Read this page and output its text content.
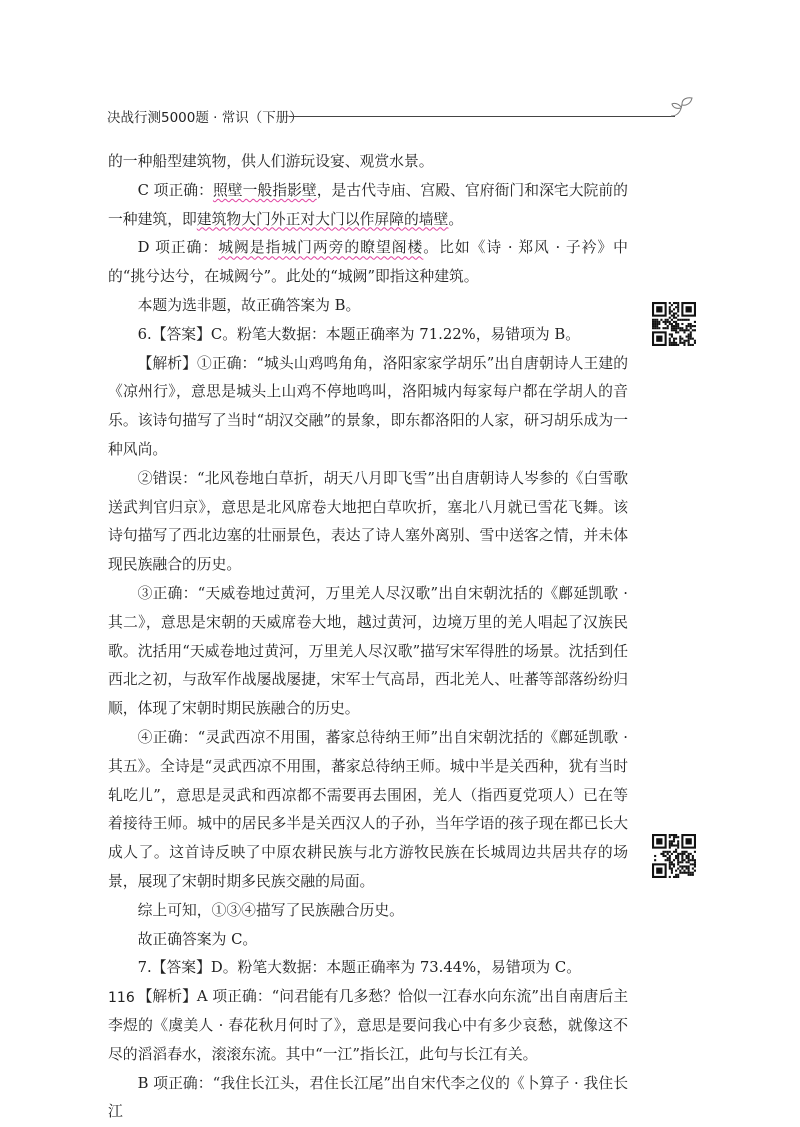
决战行测5000题 · 常识（下册）

的一种船型建筑物，供人们游玩设宴、观赏水景。

C 项正确：照壁一般指影壁，是古代寺庙、宫殿、官府衙门和深宅大院前的一种建筑，即建筑物大门外正对大门以作屏障的墙壁。

D 项正确：城阙是指城门两旁的瞭望阁楼。比如《诗 · 郑风 · 子衿》中的“挑兮达兮，在城阙兮”。此处的“城阙”即指这种建筑。

本题为选非题，故正确答案为 B。

6.【答案】C。粉笔大数据：本题正确率为 71.22%，易错项为 B。

【解析】①正确：“城头山鸡鸣角角，洛阳家家学胡乐”出自唐朝诗人王建的《凉州行》，意思是城头上山鸡不停地鸣叫，洛阳城内每家每户都在学胡人的音乐。该诗句描写了当时“胡汉交融”的景象，即东都洛阳的人家，研习胡乐成为一种风尚。

②错误：“北风卷地白草折，胡天八月即飞雪”出自唐朝诗人岑参的《白雪歌送武判官归京》，意思是北风席卷大地把白草吹折，塞北八月就已雪花飞舞。该诗句描写了西北边塞的壮丽景色，表达了诗人塞外离别、雪中送客之情，并未体现民族融合的历史。

③正确：“天威卷地过黄河，万里羌人尽汉歌”出自宋朝沈括的《鄜延凯歌 · 其二》，意思是宋朝的天威席卷大地，越过黄河，边境万里的羌人唱起了汉族民歌。沈括用“天威卷地过黄河，万里羌人尽汉歌”描写宋军得胜的场景。沈括到任西北之初，与敌军作战屡战屡捷，宋军士气高昂，西北羌人、吐蕃等部落纷纷归顺，体现了宋朝时期民族融合的历史。

④正确：“灵武西凉不用围，蕃家总待纳王师”出自宋朝沈括的《鄜延凯歌 · 其五》。全诗是“灵武西凉不用围，蕃家总待纳王师。城中半是关西种，犹有当时轧吃儿”，意思是灵武和西凉都不需要再去围困，羌人（指西夏党项人）已在等着接待王师。城中的居民多半是关西汉人的子孙，当年学语的孩子现在都已长大成人了。这首诗反映了中原农耕民族与北方游牧民族在长城周边共居共存的场景，展现了宋朝时期多民族交融的局面。

综上可知，①③④描写了民族融合历史。

故正确答案为 C。

7.【答案】D。粉笔大数据：本题正确率为 73.44%，易错项为 C。

【解析】A 项正确：“问君能有几多愁？恰似一江春水向东流”出自南唐后主李煜的《虞美人 · 春花秋月何时了》，意思是要问我心中有多少哀愁，就像这不尽的滔滔春水，滚滚东流。其中“一江”指长江，此句与长江有关。

B 项正确：“我住长江头，君住长江尾”出自宋代李之仪的《卜算子 · 我住长江

116
